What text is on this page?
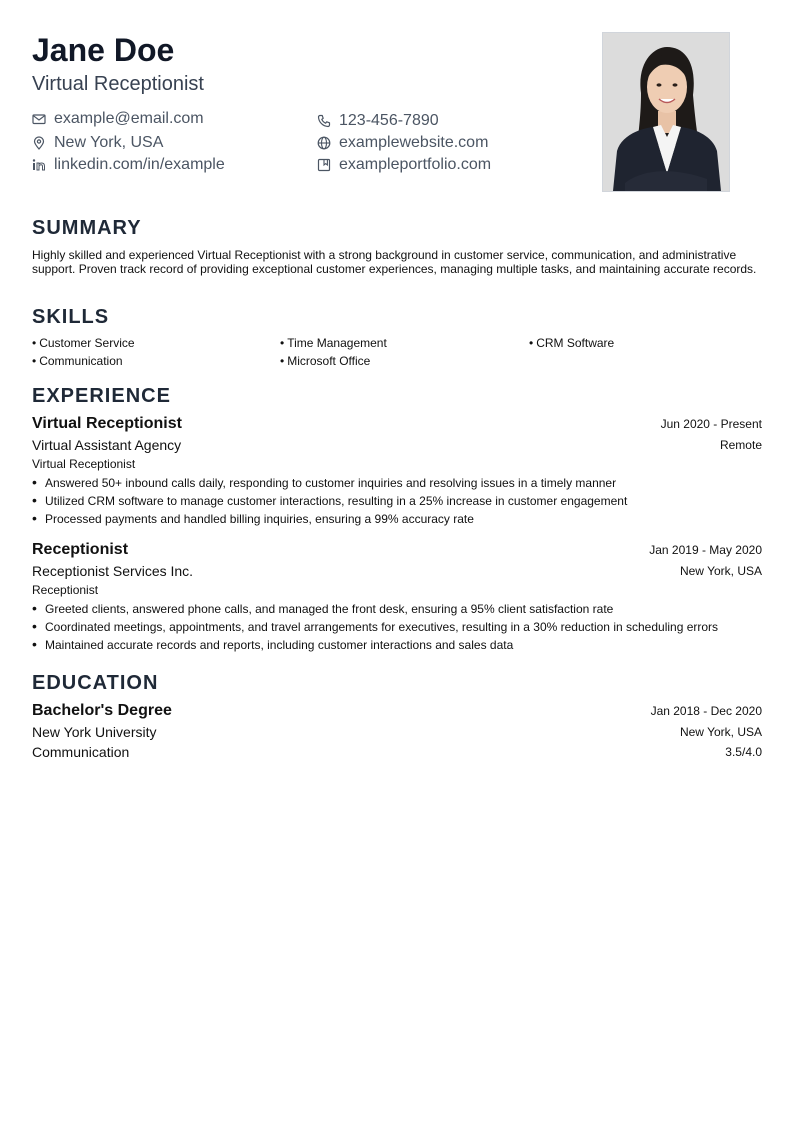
Jane Doe
Virtual Receptionist
example@email.com
New York, USA
linkedin.com/in/example
123-456-7890
examplewebsite.com
exampleportfolio.com
SUMMARY
Highly skilled and experienced Virtual Receptionist with a strong background in customer service, communication, and administrative support. Proven track record of providing exceptional customer experiences, managing multiple tasks, and maintaining accurate records.
SKILLS
• Customer Service	• Time Management	• CRM Software
• Communication	• Microsoft Office
EXPERIENCE
Virtual Receptionist	Jun 2020 - Present
Virtual Assistant Agency	Remote
Virtual Receptionist
• Answered 50+ inbound calls daily, responding to customer inquiries and resolving issues in a timely manner
• Utilized CRM software to manage customer interactions, resulting in a 25% increase in customer engagement
• Processed payments and handled billing inquiries, ensuring a 99% accuracy rate
Receptionist	Jan 2019 - May 2020
Receptionist Services Inc.	New York, USA
Receptionist
• Greeted clients, answered phone calls, and managed the front desk, ensuring a 95% client satisfaction rate
• Coordinated meetings, appointments, and travel arrangements for executives, resulting in a 30% reduction in scheduling errors
• Maintained accurate records and reports, including customer interactions and sales data
EDUCATION
Bachelor's Degree	Jan 2018 - Dec 2020
New York University	New York, USA
Communication	3.5/4.0
